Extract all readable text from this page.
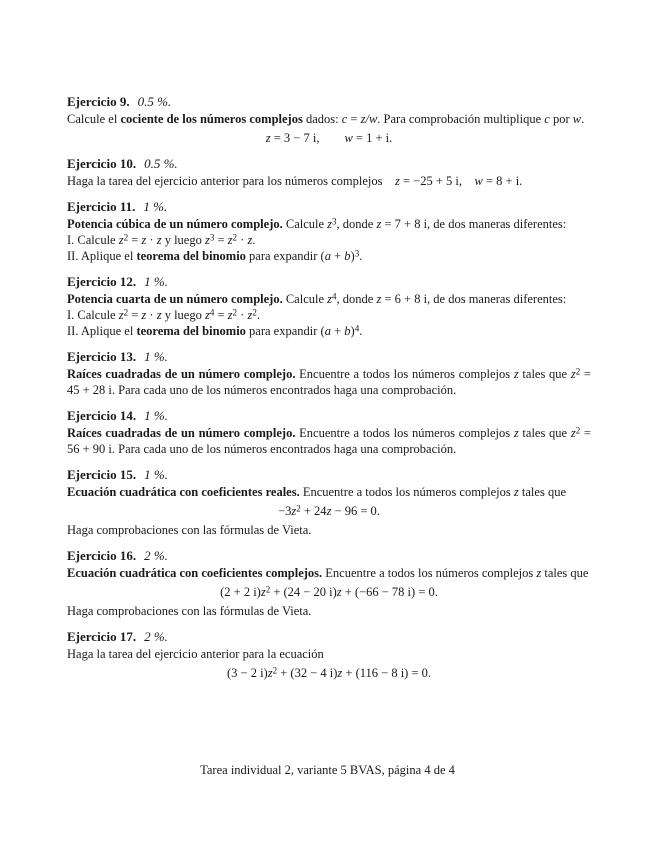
Ejercicio 9. 0.5 %.
Calcule el cociente de los números complejos dados: c = z/w. Para comprobación multiplique c por w.
z = 3 − 7 i,   w = 1 + i.
Ejercicio 10. 0.5 %.
Haga la tarea del ejercicio anterior para los números complejos  z = −25 + 5 i,  w = 8 + i.
Ejercicio 11. 1 %.
Potencia cúbica de un número complejo. Calcule $z^3$, donde z = 7 + 8 i, de dos maneras diferentes:
I. Calcule $z^2 = z \cdot z$ y luego $z^3 = z^2 \cdot z$.
II. Aplique el teorema del binomio para expandir $(a + b)^3$.
Ejercicio 12. 1 %.
Potencia cuarta de un número complejo. Calcule $z^4$, donde z = 6 + 8 i, de dos maneras diferentes:
I. Calcule $z^2 = z \cdot z$ y luego $z^4 = z^2 \cdot z^2$.
II. Aplique el teorema del binomio para expandir $(a + b)^4$.
Ejercicio 13. 1 %.
Raíces cuadradas de un número complejo. Encuentre a todos los números complejos z tales que $z^2 = 45 + 28$ i. Para cada uno de los números encontrados haga una comprobación.
Ejercicio 14. 1 %.
Raíces cuadradas de un número complejo. Encuentre a todos los números complejos z tales que $z^2 = 56 + 90$ i. Para cada uno de los números encontrados haga una comprobación.
Ejercicio 15. 1 %.
Ecuación cuadrática con coeficientes reales. Encuentre a todos los números complejos z tales que
$-3z^2 + 24z - 96 = 0$.
Haga comprobaciones con las fórmulas de Vieta.
Ejercicio 16. 2 %.
Ecuación cuadrática con coeficientes complejos. Encuentre a todos los números complejos z tales que
(2 + 2 $i)z^2 + (24 - 20$ i)z + (−66 − 78 i) = 0.
Haga comprobaciones con las fórmulas de Vieta.
Ejercicio 17. 2 %.
Haga la tarea del ejercicio anterior para la ecuación
(3 − 2 $i)z^2 + (32 - 4$ i)z + (116 − 8 i) = 0.
Tarea individual 2, variante 5 BVAS, página 4 de 4
